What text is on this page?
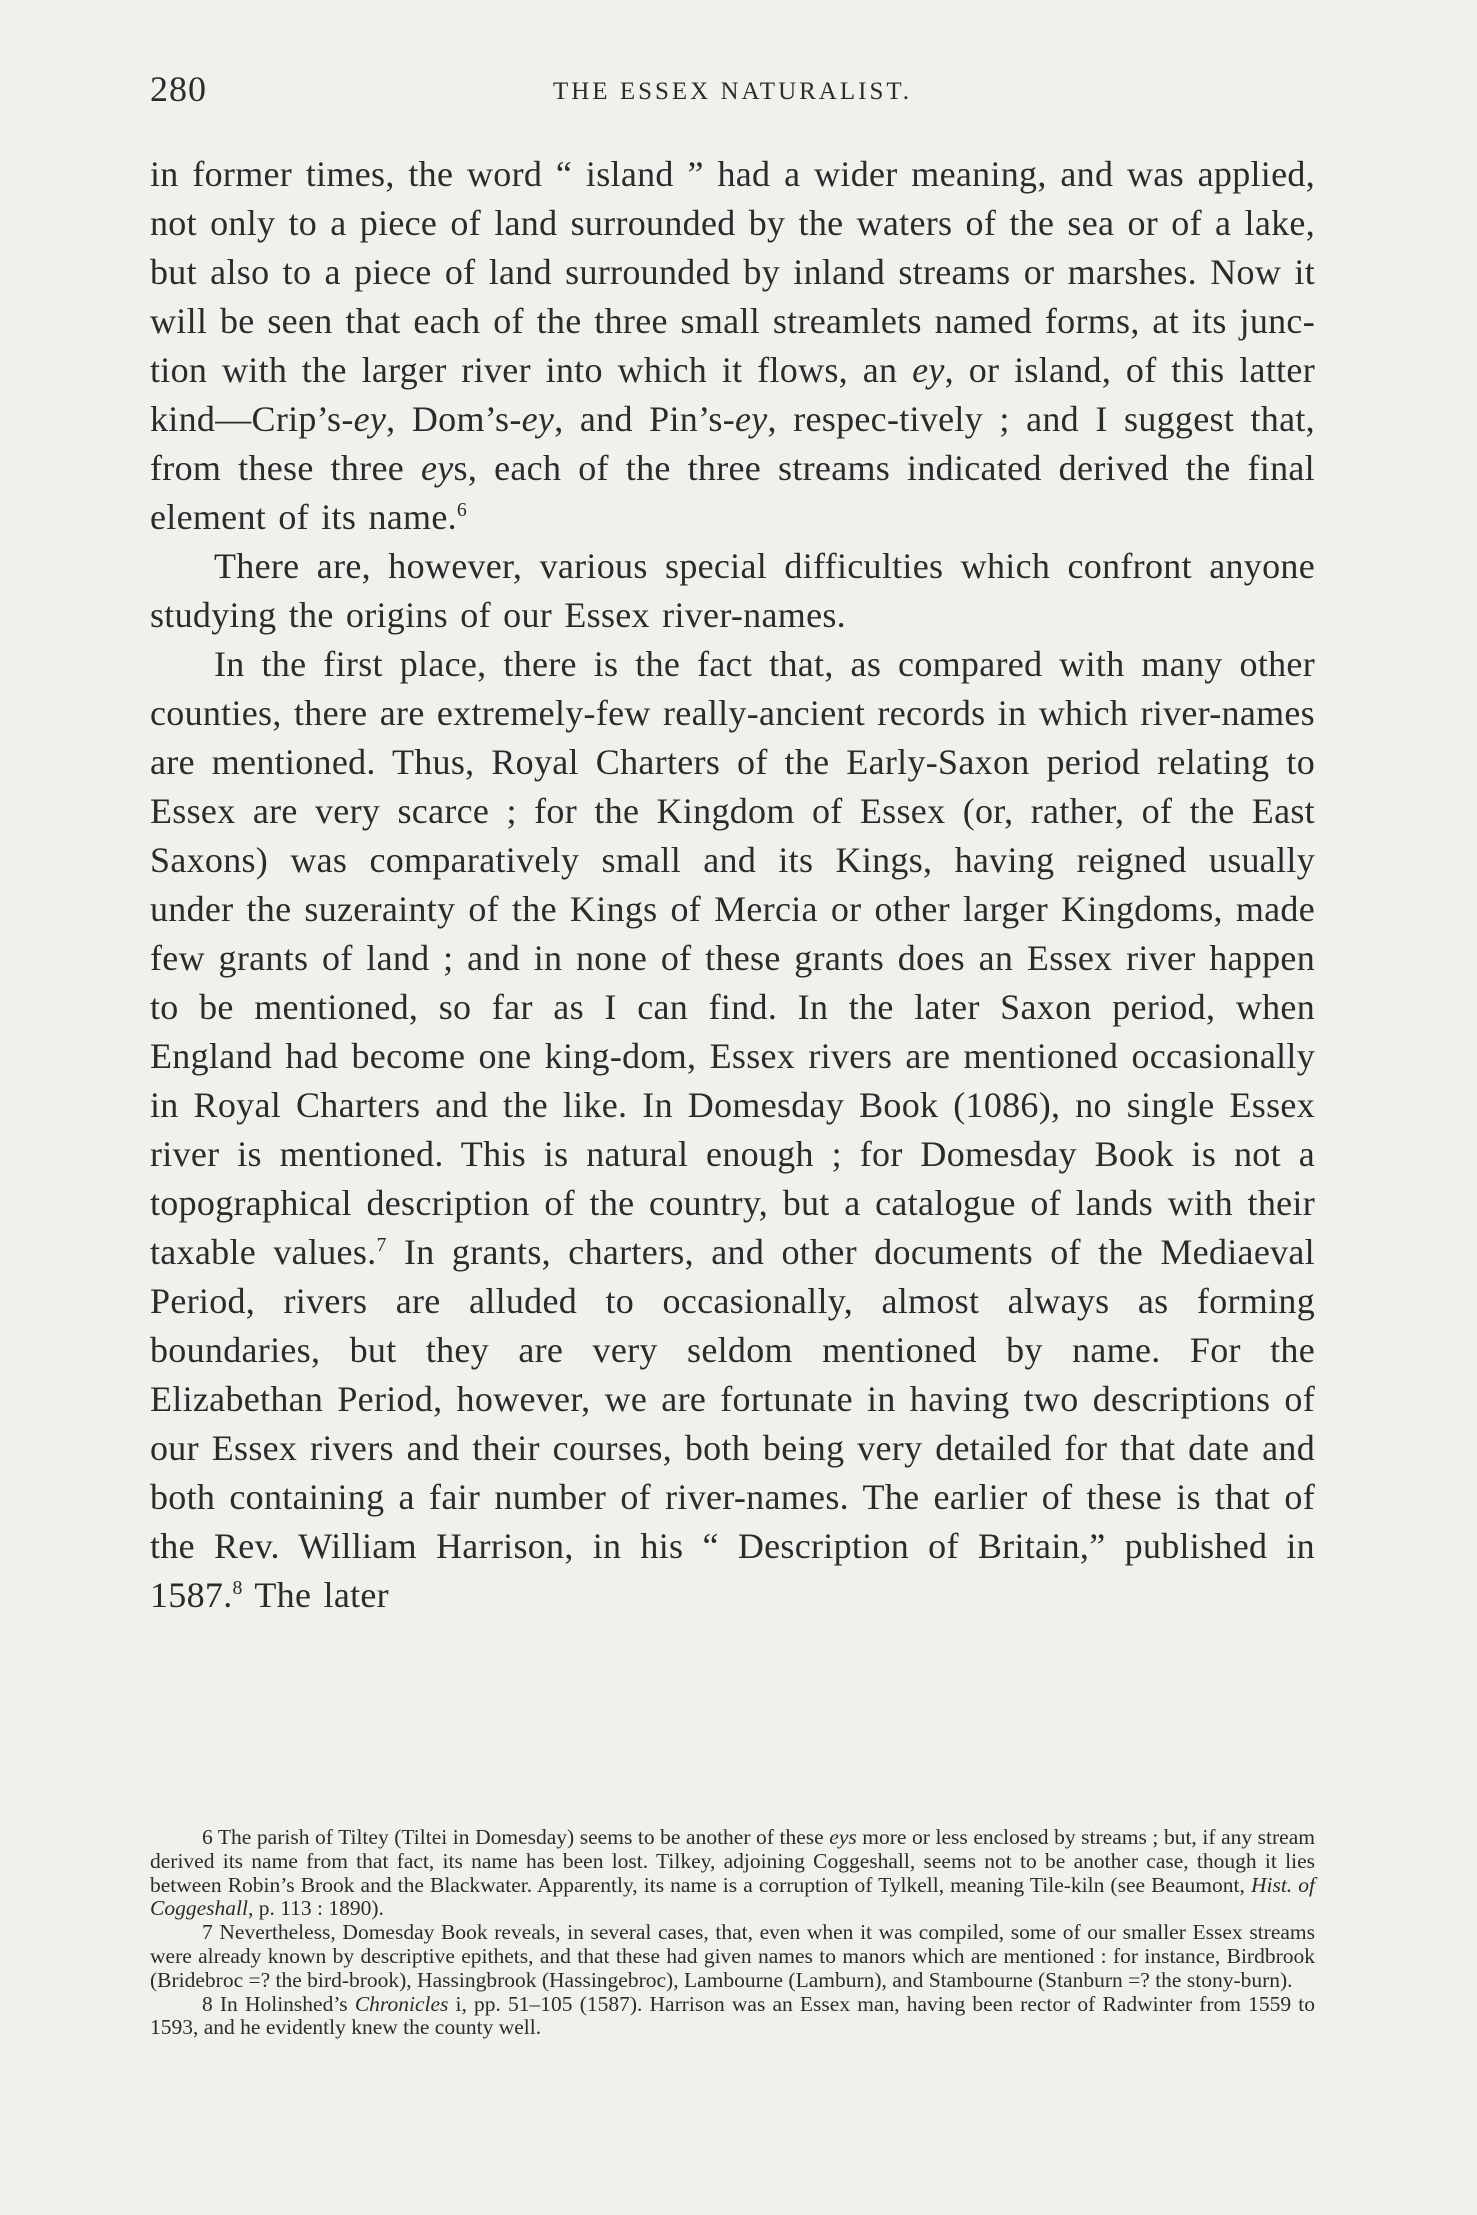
280	THE ESSEX NATURALIST.

in former times, the word “ island ” had a wider meaning, and was applied, not only to a piece of land surrounded by the waters of the sea or of a lake, but also to a piece of land surrounded by inland streams or marshes. Now it will be seen that each of the three small streamlets named forms, at its junc-tion with the larger river into which it flows, an ey, or island, of this latter kind—Crip’s-ey, Dom’s-ey, and Pin’s-ey, respec-tively ; and I suggest that, from these three eys, each of the three streams indicated derived the final element of its name.$^6$

There are, however, various special difficulties which confront anyone studying the origins of our Essex river-names.

In the first place, there is the fact that, as compared with many other counties, there are extremely-few really-ancient records in which river-names are mentioned. Thus, Royal Charters of the Early-Saxon period relating to Essex are very scarce ; for the Kingdom of Essex (or, rather, of the East Saxons) was comparatively small and its Kings, having reigned usually under the suzerainty of the Kings of Mercia or other larger Kingdoms, made few grants of land ; and in none of these grants does an Essex river happen to be mentioned, so far as I can find. In the later Saxon period, when England had become one king-dom, Essex rivers are mentioned occasionally in Royal Charters and the like. In Domesday Book (1086), no single Essex river is mentioned. This is natural enough ; for Domesday Book is not a topographical description of the country, but a catalogue of lands with their taxable values.$^7$ In grants, charters, and other documents of the Mediaeval Period, rivers are alluded to occasionally, almost always as forming boundaries, but they are very seldom mentioned by name. For the Elizabethan Period, however, we are fortunate in having two descriptions of our Essex rivers and their courses, both being very detailed for that date and both containing a fair number of river-names. The earlier of these is that of the Rev. William Harrison, in his “ Description of Britain,” published in 1587.$^8$ The later

6 The parish of Tiltey (Tiltei in Domesday) seems to be another of these eys more or less enclosed by streams ; but, if any stream derived its name from that fact, its name has been lost. Tilkey, adjoining Coggeshall, seems not to be another case, though it lies between Robin’s Brook and the Blackwater. Apparently, its name is a corruption of Tylkell, meaning Tile-kiln (see Beaumont, Hist. of Coggeshall, p. 113 : 1890).

7 Nevertheless, Domesday Book reveals, in several cases, that, even when it was compiled, some of our smaller Essex streams were already known by descriptive epithets, and that these had given names to manors which are mentioned : for instance, Birdbrook (Bridebroc =? the bird-brook), Hassingbrook (Hassingebroc), Lambourne (Lamburn), and Stambourne (Stanburn =? the stony-burn).

8 In Holinshed’s Chronicles i, pp. 51–105 (1587). Harrison was an Essex man, having been rector of Radwinter from 1559 to 1593, and he evidently knew the county well.
